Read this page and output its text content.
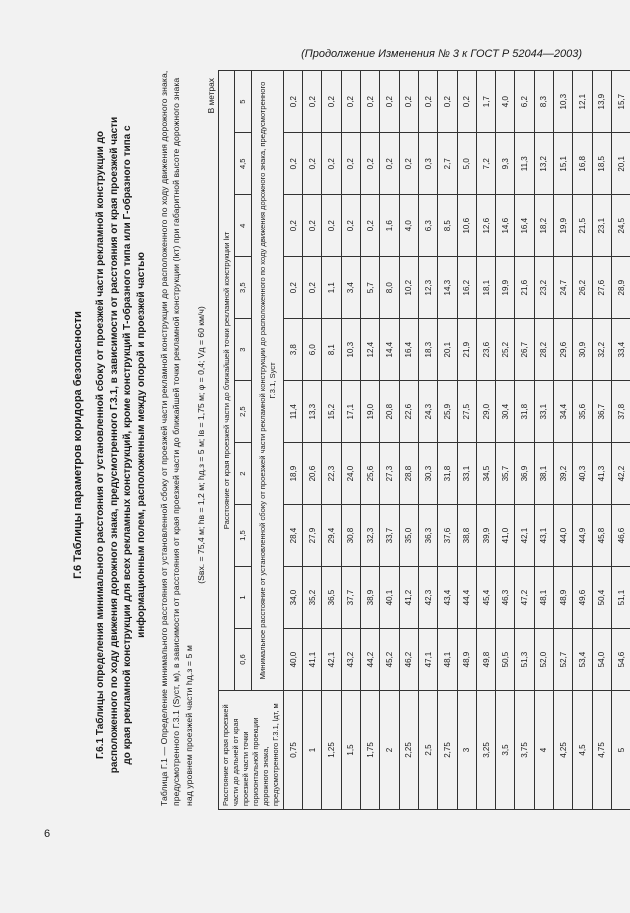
(Продолжение Изменения № 3 к ГОСТ Р 52044—2003)
Г.6 Таблицы параметров коридора безопасности Г.6.1 Таблицы определения минимального расстояния от установленной сбоку от проезжей части рекламной конструкции до расположенного по ходу движения дорожного знака, предусмотренного Г.3.1, в зависимости от расстояния от края проезжей части до края рекламной конструкции для всех рекламных конструкций, кроме конструкций Т-образного типа или Г-образного типа с информационным полем, расположенным между опорой и проезжей частью Таблица Г.1 — Определение минимального расстояния от установленной сбоку от проезжей части рекламной конструкции до расположенного по ходу движения дорожного знака, предусмотренного Г.3.1 (Sуст, м), в зависимости от расстояния от края проезжей части до ближайшей точки рекламной конструкции (lкт) при габаритной высоте дорожного знака над уровнем проезжей части hд.з = 5 м
(Sвх. = 75,4 м; hв = 1,2 м; hд.з = 5 м; lв = 1,75 м; φ = 0,4; Vд = 60 км/ч)
В метрах
Расстояние от края проезжей части до дальней от края проезжей части точки горизонтальной проекции дорожного знака, предусмотренного Г.3.1, lдт, м	Расстояние от края проезжей части до ближайшей точки рекламной конструкции lкт									
	0,6	1	1,5	2	2,5	3	3,5	4	4,5	5
	Минимальное расстояние от установленной сбоку от проезжей части рекламной конструкции до расположенного по ходу движения дорожного знака, предусмотренного Г.3.1, Sуст									
0,75	40,0	34,0	28,4	18,9	11,4	3,8	0,2	0,2	0,2	0,2
1	41,1	35,2	27,9	20,6	13,3	6,0	0,2	0,2	0,2	0,2
1,25	42,1	36,5	29,4	22,3	15,2	8,1	1,1	0,2	0,2	0,2
1,5	43,2	37,7	30,8	24,0	17,1	10,3	3,4	0,2	0,2	0,2
1,75	44,2	38,9	32,3	25,6	19,0	12,4	5,7	0,2	0,2	0,2
2	45,2	40,1	33,7	27,3	20,8	14,4	8,0	1,6	0,2	0,2
2,25	46,2	41,2	35,0	28,8	22,6	16,4	10,2	4,0	0,2	0,2
2,5	47,1	42,3	36,3	30,3	24,3	18,3	12,3	6,3	0,3	0,2
2,75	48,1	43,4	37,6	31,8	25,9	20,1	14,3	8,5	2,7	0,2
3	48,9	44,4	38,8	33,1	27,5	21,9	16,2	10,6	5,0	0,2
3,25	49,8	45,4	39,9	34,5	29,0	23,6	18,1	12,6	7,2	1,7
3,5	50,5	46,3	41,0	35,7	30,4	25,2	19,9	14,6	9,3	4,0
3,75	51,3	47,2	42,1	36,9	31,8	26,7	21,6	16,4	11,3	6,2
4	52,0	48,1	43,1	38,1	33,1	28,2	23,2	18,2	13,2	8,3
4,25	52,7	48,9	44,0	39,2	34,4	29,6	24,7	19,9	15,1	10,3
4,5	53,4	49,6	44,9	40,3	35,6	30,9	26,2	21,5	16,8	12,1
4,75	54,0	50,4	45,8	41,3	36,7	32,2	27,6	23,1	18,5	13,9
5	54,6	51,1	46,6	42,2	37,8	33,4	28,9	24,5	20,1	15,7
6
